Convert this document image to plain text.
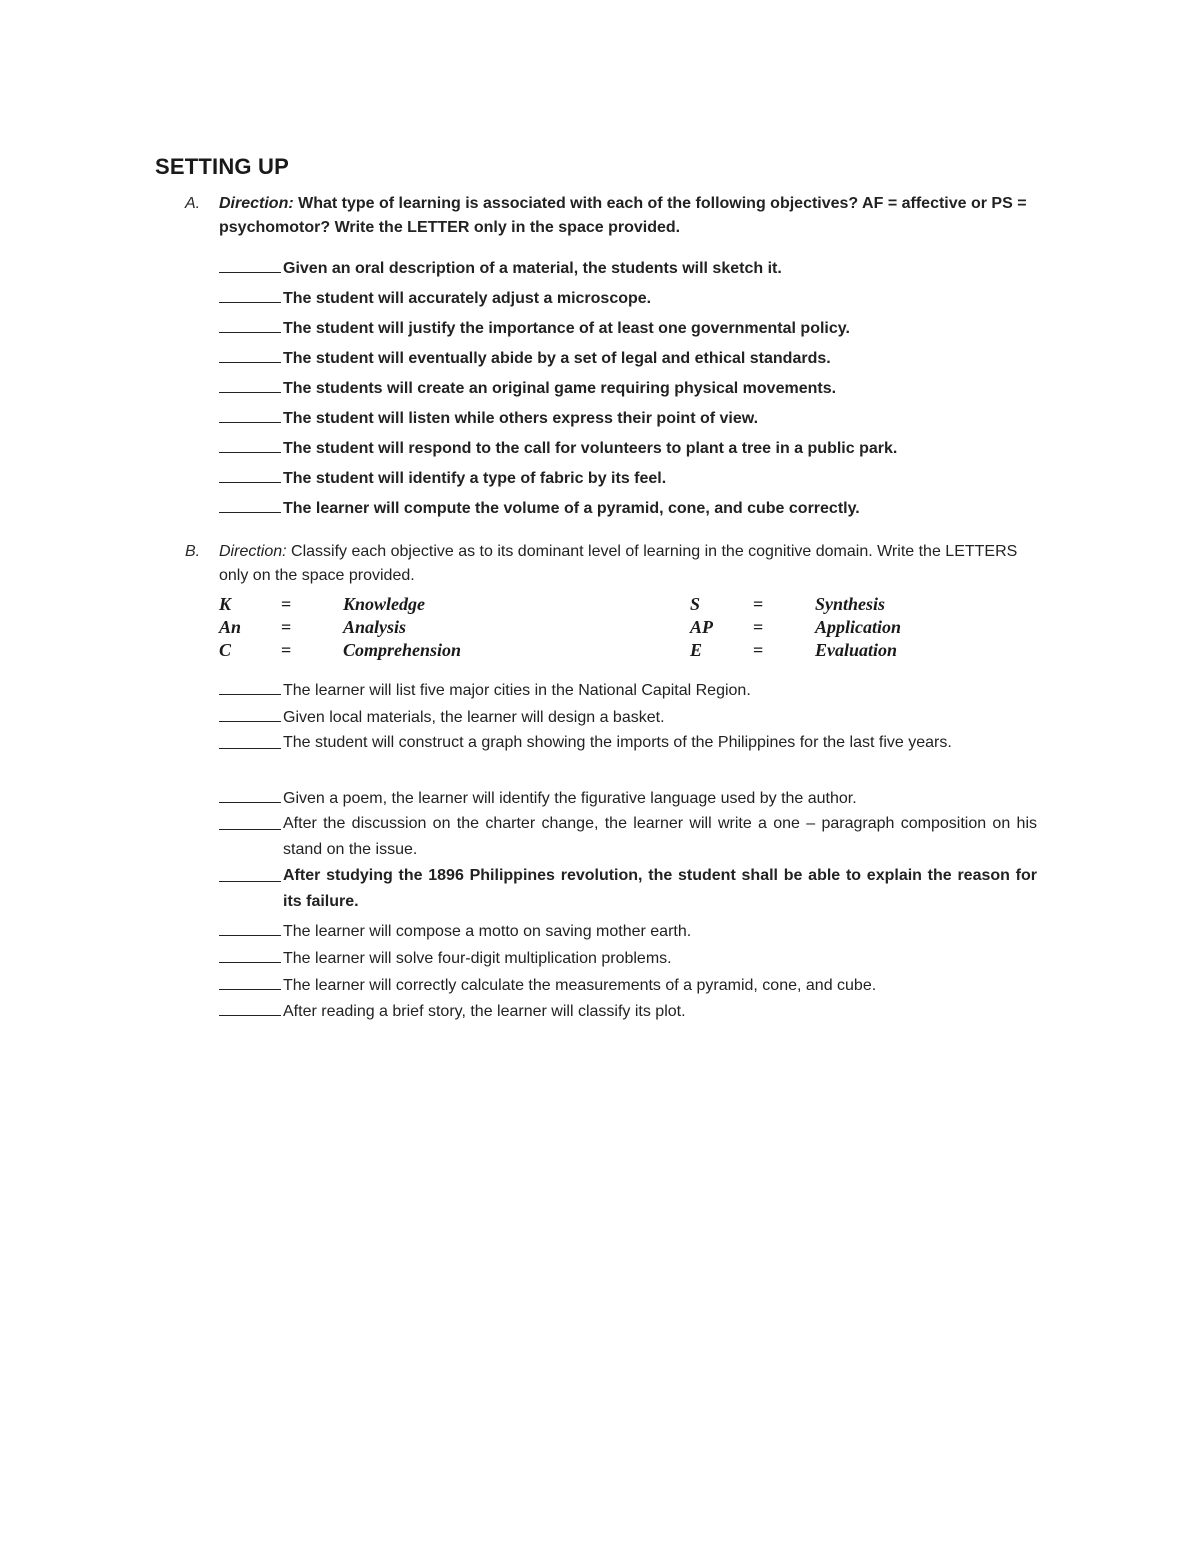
SETTING UP
A. Direction: What type of learning is associated with each of the following objectives? AF = affective or PS = psychomotor? Write the LETTER only in the space provided.
Given an oral description of a material, the students will sketch it.
The student will accurately adjust a microscope.
The student will justify the importance of at least one governmental policy.
The student will eventually abide by a set of legal and ethical standards.
The students will create an original game requiring physical movements.
The student will listen while others express their point of view.
The student will respond to the call for volunteers to plant a tree in a public park.
The student will identify a type of fabric by its feel.
The learner will compute the volume of a pyramid, cone, and cube correctly.
B. Direction: Classify each objective as to its dominant level of learning in the cognitive domain. Write the LETTERS only on the space provided.
K	=	Knowledge	S	=	Synthesis
An =	Analysis	AP =	Application
C	=	Comprehension	E	=	Evaluation
The learner will list five major cities in the National Capital Region.
Given local materials, the learner will design a basket.
The student will construct a graph showing the imports of the Philippines for the last five years.
Given a poem, the learner will identify the figurative language used by the author.
After the discussion on the charter change, the learner will write a one – paragraph composition on his stand on the issue.
After studying the 1896 Philippines revolution, the student shall be able to explain the reason for its failure.
The learner will compose a motto on saving mother earth.
The learner will solve four-digit multiplication problems.
The learner will correctly calculate the measurements of a pyramid, cone, and cube.
After reading a brief story, the learner will classify its plot.
